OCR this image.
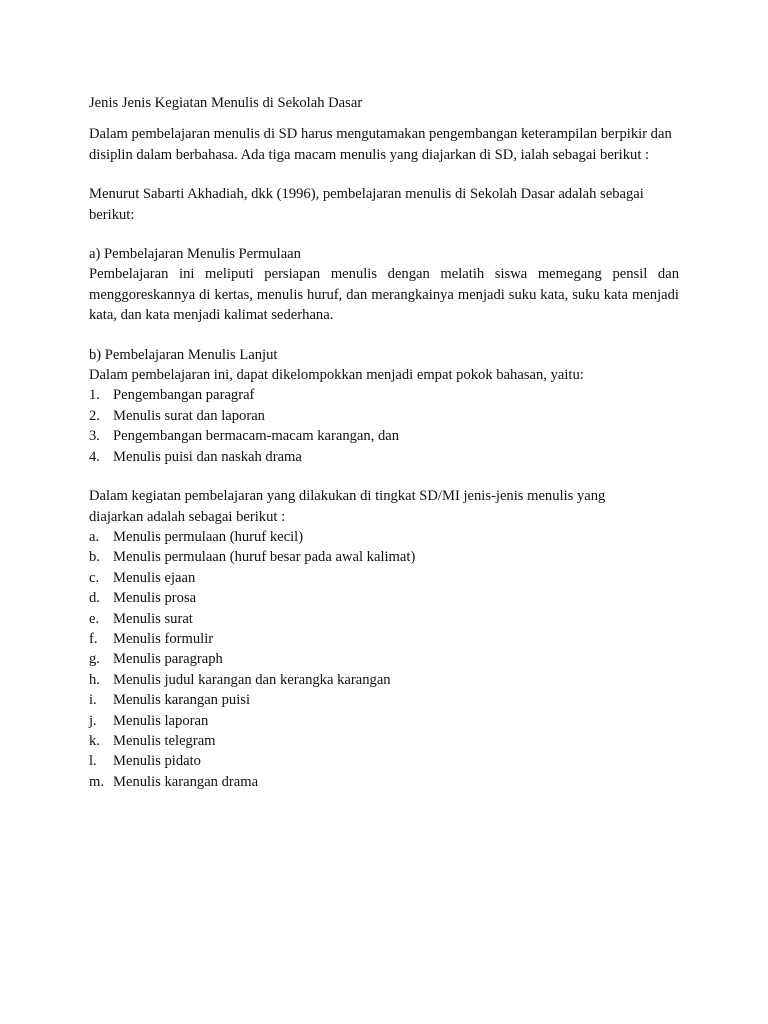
Jenis Jenis Kegiatan Menulis di Sekolah Dasar

Dalam pembelajaran menulis di SD harus mengutamakan pengembangan keterampilan berpikir dan disiplin dalam berbahasa. Ada tiga macam menulis yang diajarkan di SD, ialah sebagai berikut :

Menurut Sabarti Akhadiah, dkk (1996), pembelajaran menulis di Sekolah Dasar adalah sebagai berikut:

a) Pembelajaran Menulis Permulaan

Pembelajaran ini meliputi persiapan menulis dengan melatih siswa memegang pensil dan menggoreskannya di kertas, menulis huruf, dan merangkainya menjadi suku kata, suku kata menjadi kata, dan kata menjadi kalimat sederhana.

b) Pembelajaran Menulis Lanjut

Dalam pembelajaran ini, dapat dikelompokkan menjadi empat pokok bahasan, yaitu:

1. Pengembangan paragraf
2. Menulis surat dan laporan
3. Pengembangan bermacam-macam karangan, dan
4. Menulis puisi dan naskah drama

Dalam kegiatan pembelajaran yang dilakukan di tingkat SD/MI jenis-jenis menulis yang

diajarkan adalah sebagai berikut :

a. Menulis permulaan (huruf kecil)
b. Menulis permulaan (huruf besar pada awal kalimat)
c. Menulis ejaan
d. Menulis prosa
e. Menulis surat
f.	Menulis formulir
g. Menulis paragraph
h. Menulis judul karangan dan kerangka karangan
i.	Menulis karangan puisi
j.	Menulis laporan
k. Menulis telegram
l.	Menulis pidato
m. Menulis karangan drama
